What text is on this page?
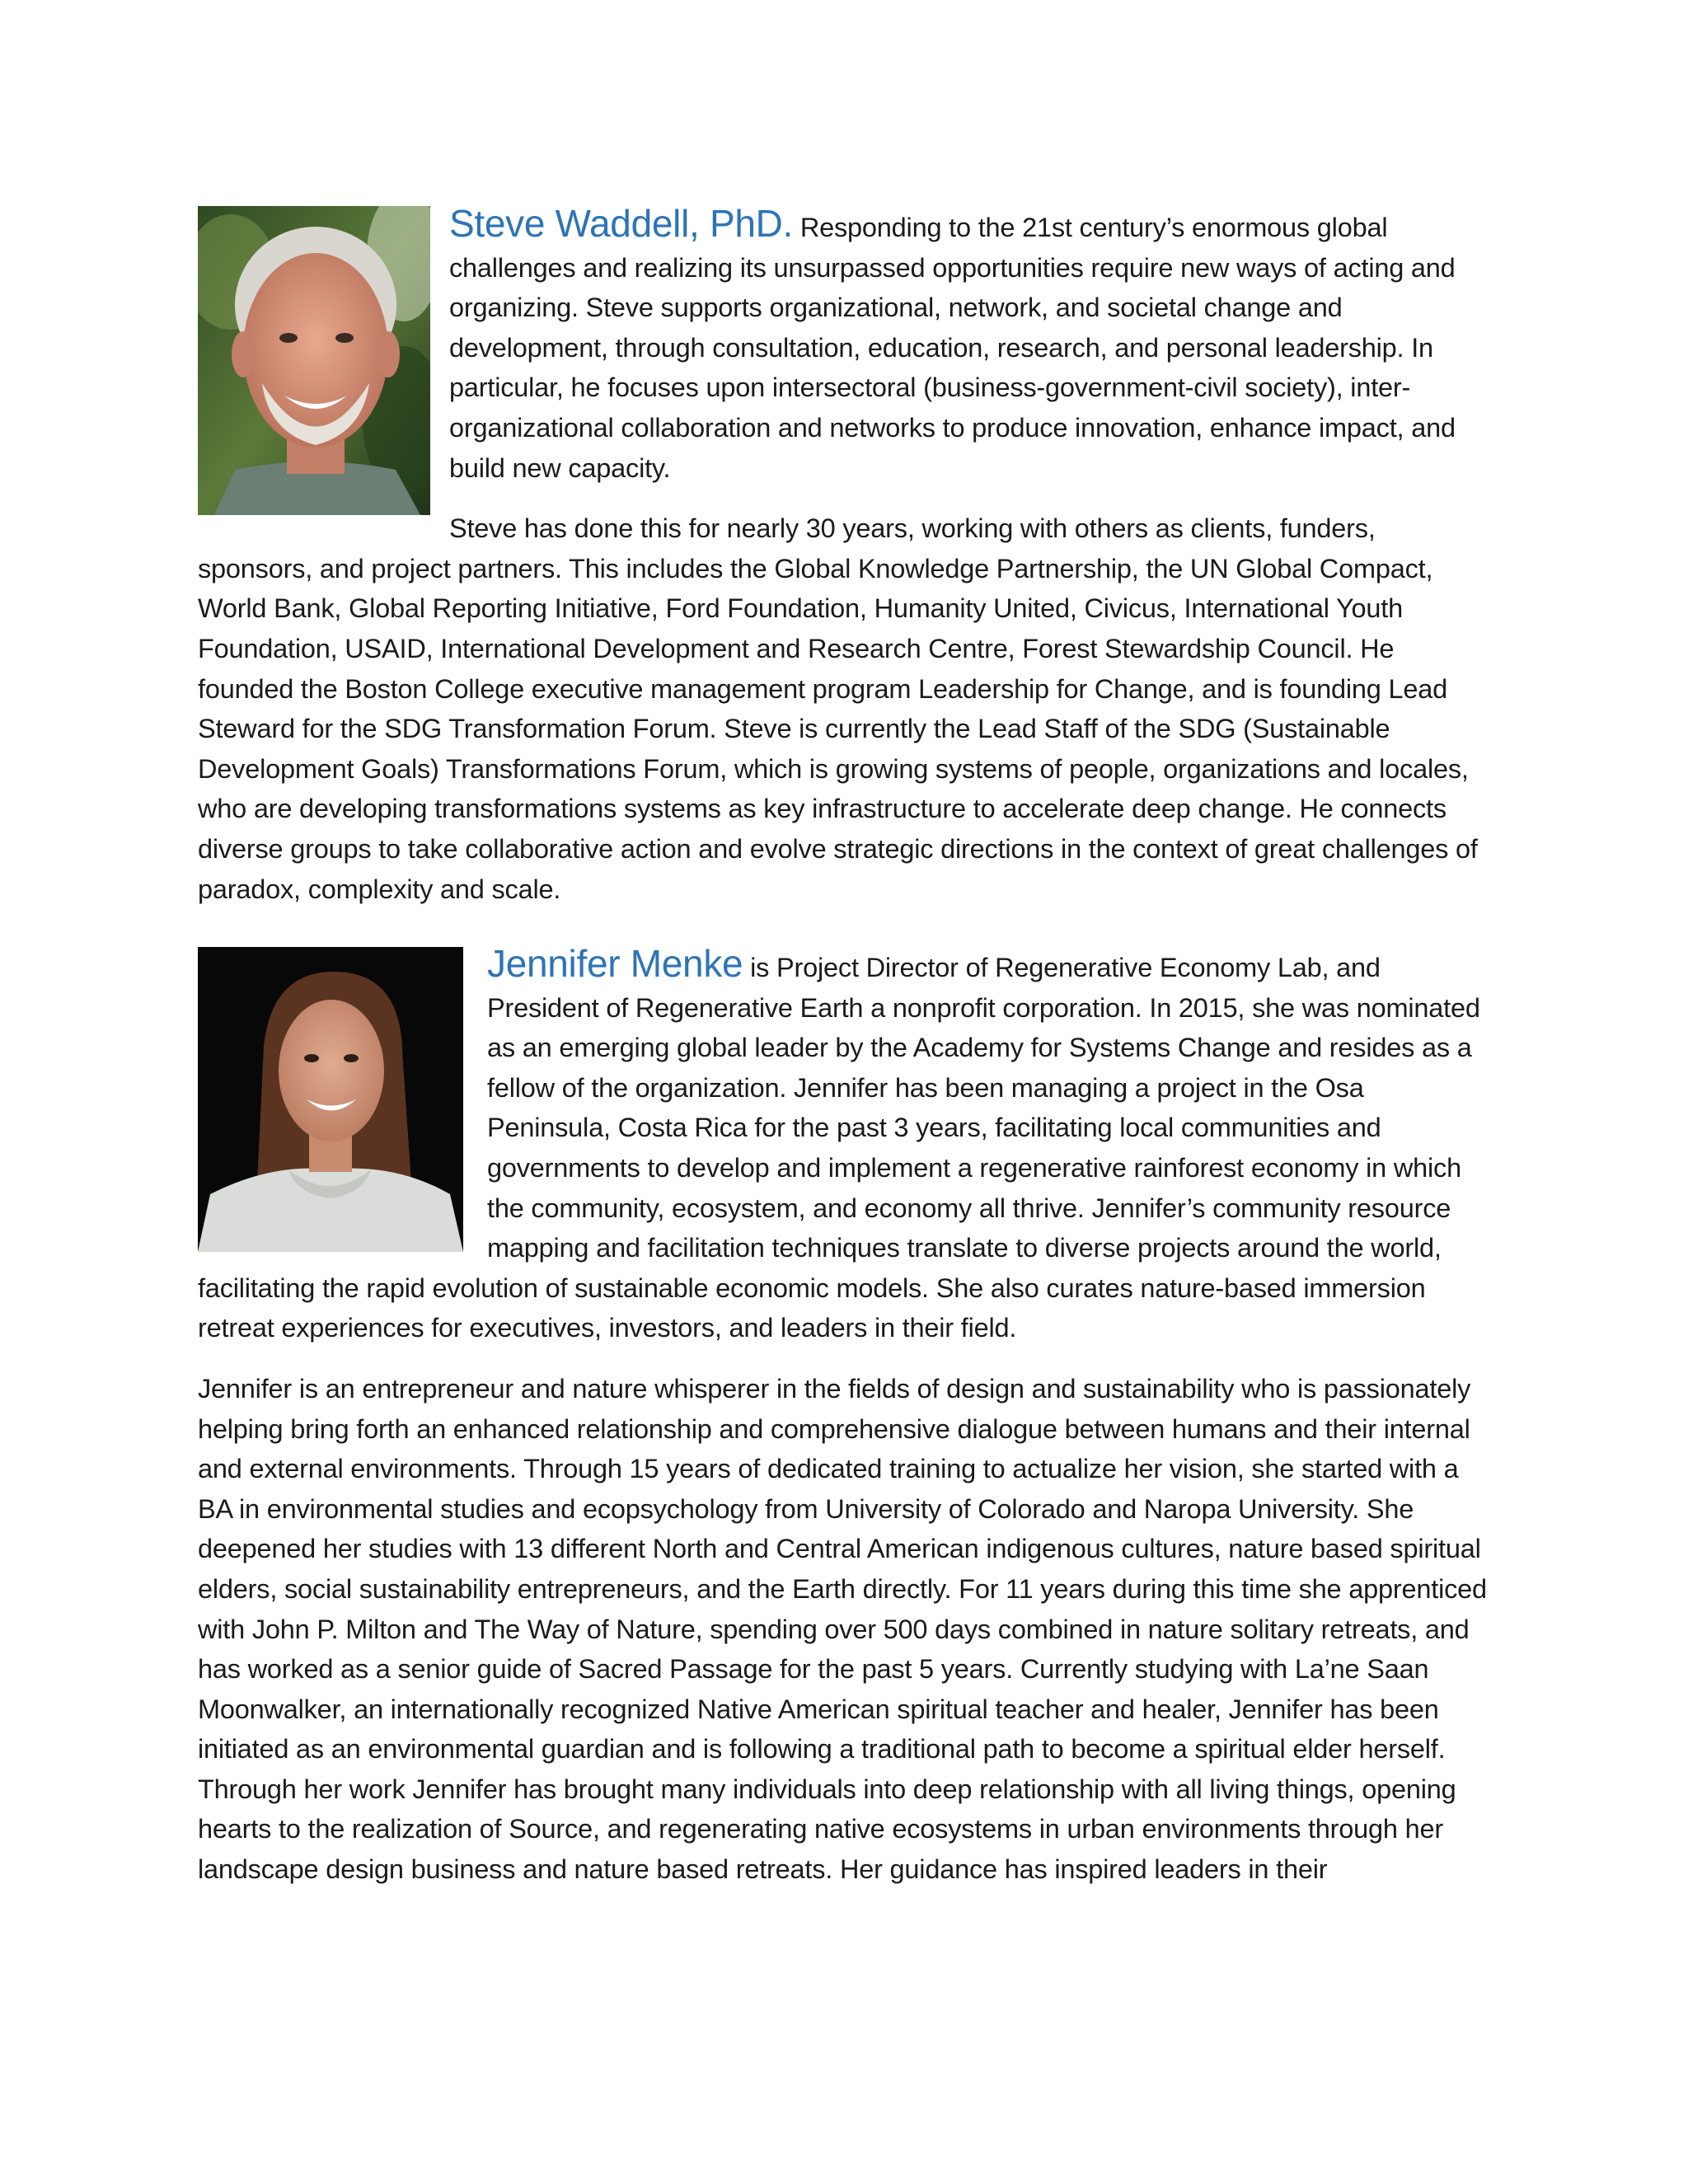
Steve Waddell, PhD. Responding to the 21st century’s enormous global challenges and realizing its unsurpassed opportunities require new ways of acting and organizing. Steve supports organizational, network, and societal change and development, through consultation, education, research, and personal leadership. In particular, he focuses upon intersectoral (business-government-civil society), inter-organizational collaboration and networks to produce innovation, enhance impact, and build new capacity.

Steve has done this for nearly 30 years, working with others as clients, funders, sponsors, and project partners. This includes the Global Knowledge Partnership, the UN Global Compact, World Bank, Global Reporting Initiative, Ford Foundation, Humanity United, Civicus, International Youth Foundation, USAID, International Development and Research Centre, Forest Stewardship Council. He founded the Boston College executive management program Leadership for Change, and is founding Lead Steward for the SDG Transformation Forum. Steve is currently the Lead Staff of the SDG (Sustainable Development Goals) Transformations Forum, which is growing systems of people, organizations and locales, who are developing transformations systems as key infrastructure to accelerate deep change. He connects diverse groups to take collaborative action and evolve strategic directions in the context of great challenges of paradox, complexity and scale.

Jennifer Menke is Project Director of Regenerative Economy Lab, and President of Regenerative Earth a nonprofit corporation. In 2015, she was nominated as an emerging global leader by the Academy for Systems Change and resides as a fellow of the organization. Jennifer has been managing a project in the Osa Peninsula, Costa Rica for the past 3 years, facilitating local communities and governments to develop and implement a regenerative rainforest economy in which the community, ecosystem, and economy all thrive. Jennifer’s community resource mapping and facilitation techniques translate to diverse projects around the world, facilitating the rapid evolution of sustainable economic models. She also curates nature-based immersion retreat experiences for executives, investors, and leaders in their field.

Jennifer is an entrepreneur and nature whisperer in the fields of design and sustainability who is passionately helping bring forth an enhanced relationship and comprehensive dialogue between humans and their internal and external environments. Through 15 years of dedicated training to actualize her vision, she started with a BA in environmental studies and ecopsychology from University of Colorado and Naropa University. She deepened her studies with 13 different North and Central American indigenous cultures, nature based spiritual elders, social sustainability entrepreneurs, and the Earth directly. For 11 years during this time she apprenticed with John P. Milton and The Way of Nature, spending over 500 days combined in nature solitary retreats, and has worked as a senior guide of Sacred Passage for the past 5 years. Currently studying with La’ne Saan Moonwalker, an internationally recognized Native American spiritual teacher and healer, Jennifer has been initiated as an environmental guardian and is following a traditional path to become a spiritual elder herself. Through her work Jennifer has brought many individuals into deep relationship with all living things, opening hearts to the realization of Source, and regenerating native ecosystems in urban environments through her landscape design business and nature based retreats. Her guidance has inspired leaders in their
